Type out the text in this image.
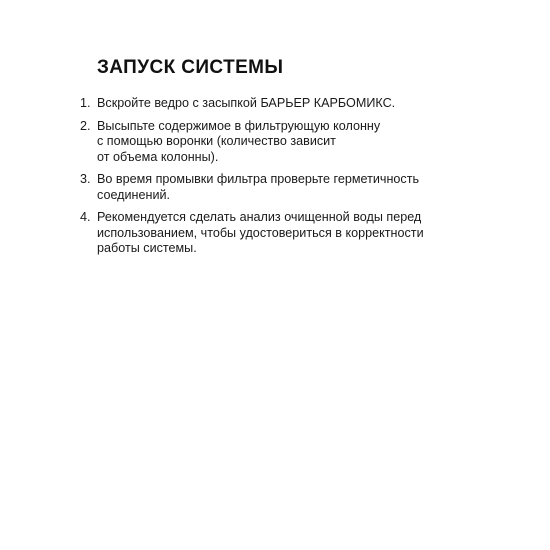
ЗАПУСК СИСТЕМЫ
1. Вскройте ведро с засыпкой БАРЬЕР КАРБОМИКС.
2. Высыпьте содержимое в фильтрующую колонну
с помощью воронки (количество зависит
от объема колонны).
3. Во время промывки фильтра проверьте герметичность
соединений.
4. Рекомендуется сделать анализ очищенной воды перед
использованием, чтобы удостовериться в корректности
работы системы.
